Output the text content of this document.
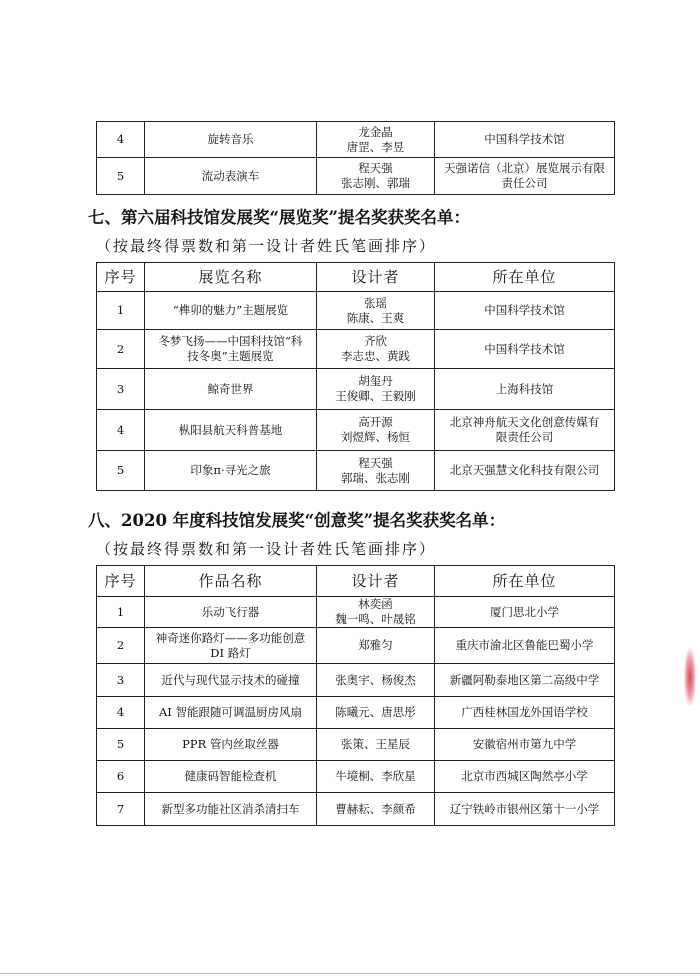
4	旋转音乐	龙金晶
唐罡、李昱	中国科学技术馆

5	流动表演车	程天强
张志刚、郭瑞	天强诺信（北京）展览展示有限
责任公司
七、第六届科技馆发展奖“展览奖”提名奖获奖名单：
（按最终得票数和第一设计者姓氏笔画排序）
序号	展览名称	设计者	所在单位

1	“榫卯的魅力”主题展览	张瑶
陈康、王爽	中国科学技术馆

2	冬梦飞扬——中国科技馆“科
技冬奥”主题展览	齐欣
李志忠、黄践	中国科学技术馆

3	鲸奇世界	胡玺丹
王俊卿、王毅刚	上海科技馆

4	枞阳县航天科普基地	高开源
刘煜辉、杨恒	北京神舟航天文化创意传媒有
限责任公司

5	印象π·寻光之旅	程天强
郭瑞、张志刚	北京天强慧文化科技有限公司
八、2020 年度科技馆发展奖“创意奖”提名奖获奖名单：
（按最终得票数和第一设计者姓氏笔画排序）
序号	作品名称	设计者	所在单位

1	乐动飞行器	林奕函
魏一鸣、叶晟铭	厦门思北小学

2	神奇迷你路灯——多功能创意
DI 路灯	郑雅匀	重庆市渝北区鲁能巴蜀小学

3	近代与现代显示技术的碰撞	张奥宇、杨俊杰	新疆阿勒泰地区第二高级中学

4	AI 智能跟随可调温厨房风扇	陈曦元、唐思彤	广西桂林国龙外国语学校

5	PPR 管内丝取丝器	张策、王星辰	安徽宿州市第九中学

6	健康码智能检查机	牛境桐、李欣星	北京市西城区陶然亭小学

7	新型多功能社区消杀清扫车	曹赫耘、李颜希	辽宁铁岭市银州区第十一小学
